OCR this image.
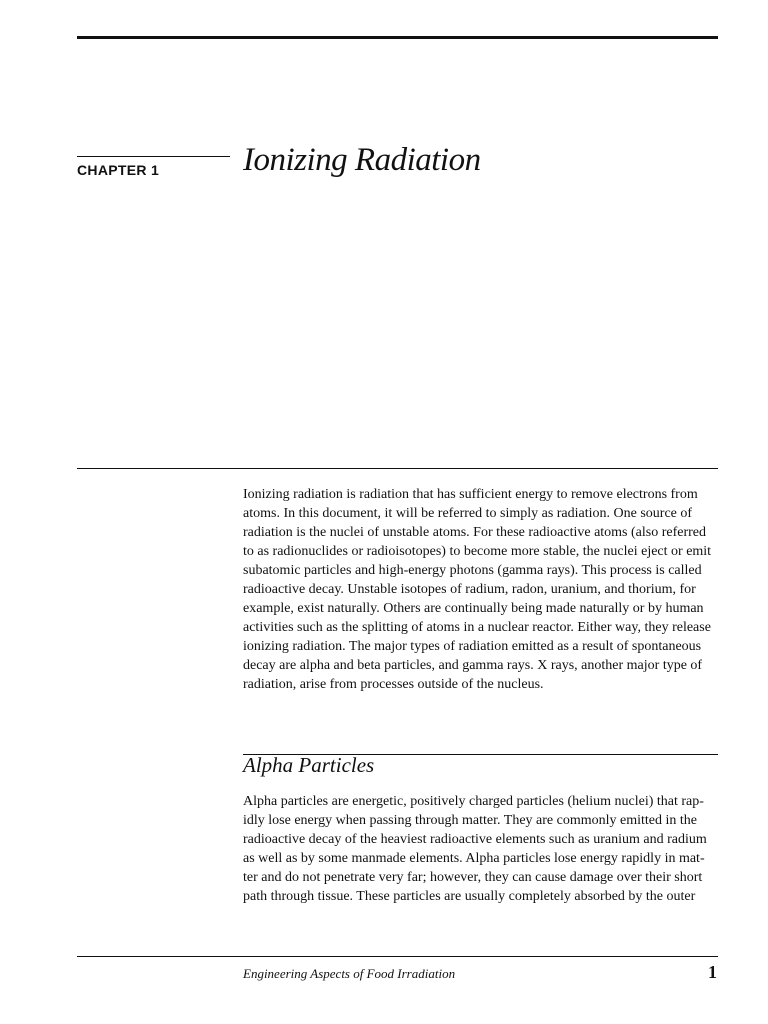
CHAPTER 1	Ionizing Radiation

Ionizing radiation is radiation that has sufficient energy to remove electrons from
atoms. In this document, it will be referred to simply as radiation. One source of
radiation is the nuclei of unstable atoms. For these radioactive atoms (also referred
to as radionuclides or radioisotopes) to become more stable, the nuclei eject or emit
subatomic particles and high-energy photons (gamma rays). This process is called
radioactive decay. Unstable isotopes of radium, radon, uranium, and thorium, for
example, exist naturally. Others are continually being made naturally or by human
activities such as the splitting of atoms in a nuclear reactor. Either way, they release
ionizing radiation. The major types of radiation emitted as a result of spontaneous
decay are alpha and beta particles, and gamma rays. X rays, another major type of
radiation, arise from processes outside of the nucleus.

Alpha Particles

Alpha particles are energetic, positively charged particles (helium nuclei) that rap-
idly lose energy when passing through matter. They are commonly emitted in the
radioactive decay of the heaviest radioactive elements such as uranium and radium
as well as by some manmade elements. Alpha particles lose energy rapidly in mat-
ter and do not penetrate very far; however, they can cause damage over their short
path through tissue. These particles are usually completely absorbed by the outer

Engineering Aspects of Food Irradiation	1
